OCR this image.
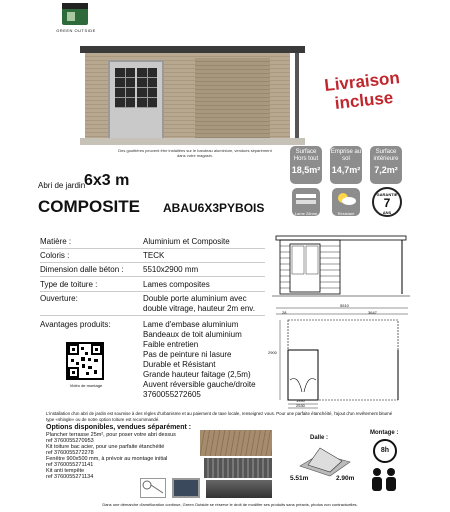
GREEN OUTSIDE
Des gouttières peuvent être installées sur le bandeau aluminium, vendues séparément dans votre magasin.
Livraison
incluse
Surface Hors tout
18,5m²
Emprise au sol
14,7m²
Surface intérieure
7,2m²
Lame 28mm	Résistant
GARANTIE
7
ANS
Abri de jardin
6x3 m
COMPOSITE ABAU6X3PYBOIS
Matière :	Aluminium et Composite
Coloris :	TECK
Dimension dalle béton : 5510x2900 mm
Type de toiture :	Lames composites
Ouverture:	Double porte aluminium avec double vitrage, hauteur 2m env.
Avantages produits:	Lame d'embase aluminium
Bandeaux de toit aluminium
Faible entretien
Pas de peinture ni lasure
Durable et Résistant
Grande hauteur faitage (2,5m)
Auvent réversible gauche/droite
3760055272605
Vidéo de montage
5510
3647
28
2900
1930
2530
L'installation d'un abri de jardin est soumise à des règles d'urbanisme et au paiement de taxe locale, renseignez vous. Pour une parfaite étanchéité, l'ajout d'un revêtement bitumé type «shingle» ou de notre option toiture est recommandé.
Options disponibles, vendues séparément :
Plancher terrasse 25m², pour poser votre abri dessus
ref 3760055270953
Kit toiture bac acier, pour une parfaite étanchéité
ref 3760055272278
Fenêtre 900x500 mm, à prévoir au montage initial
ref 3760055271141
Kit anti tempête
ref 3760055271134
Dalle :
5.51m	2.90m
Montage :
8h
Dans une démarche d'amélioration continue, Green Outside se réserve le droit de modifier ses produits sans préavis, photos non contractuelles.
